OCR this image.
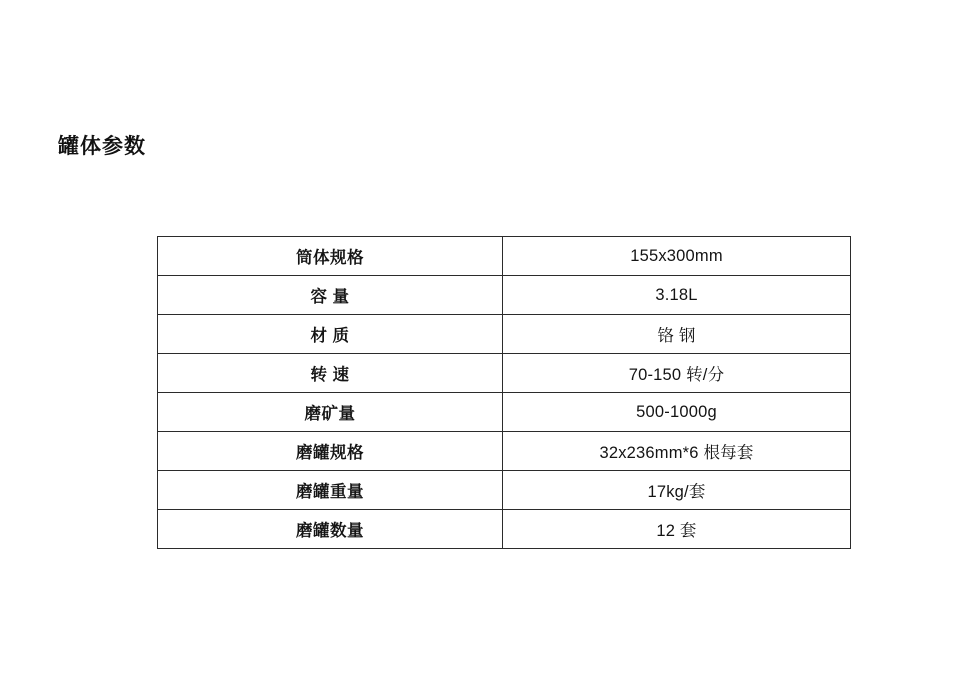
罐体参数
筒体规格	155x300mm
容 量	3.18L
材 质	铬 钢
转 速	70-150 转/分
磨矿量	500-1000g
磨罐规格	32x236mm*6 根每套
磨罐重量	17kg/套
磨罐数量	12 套
